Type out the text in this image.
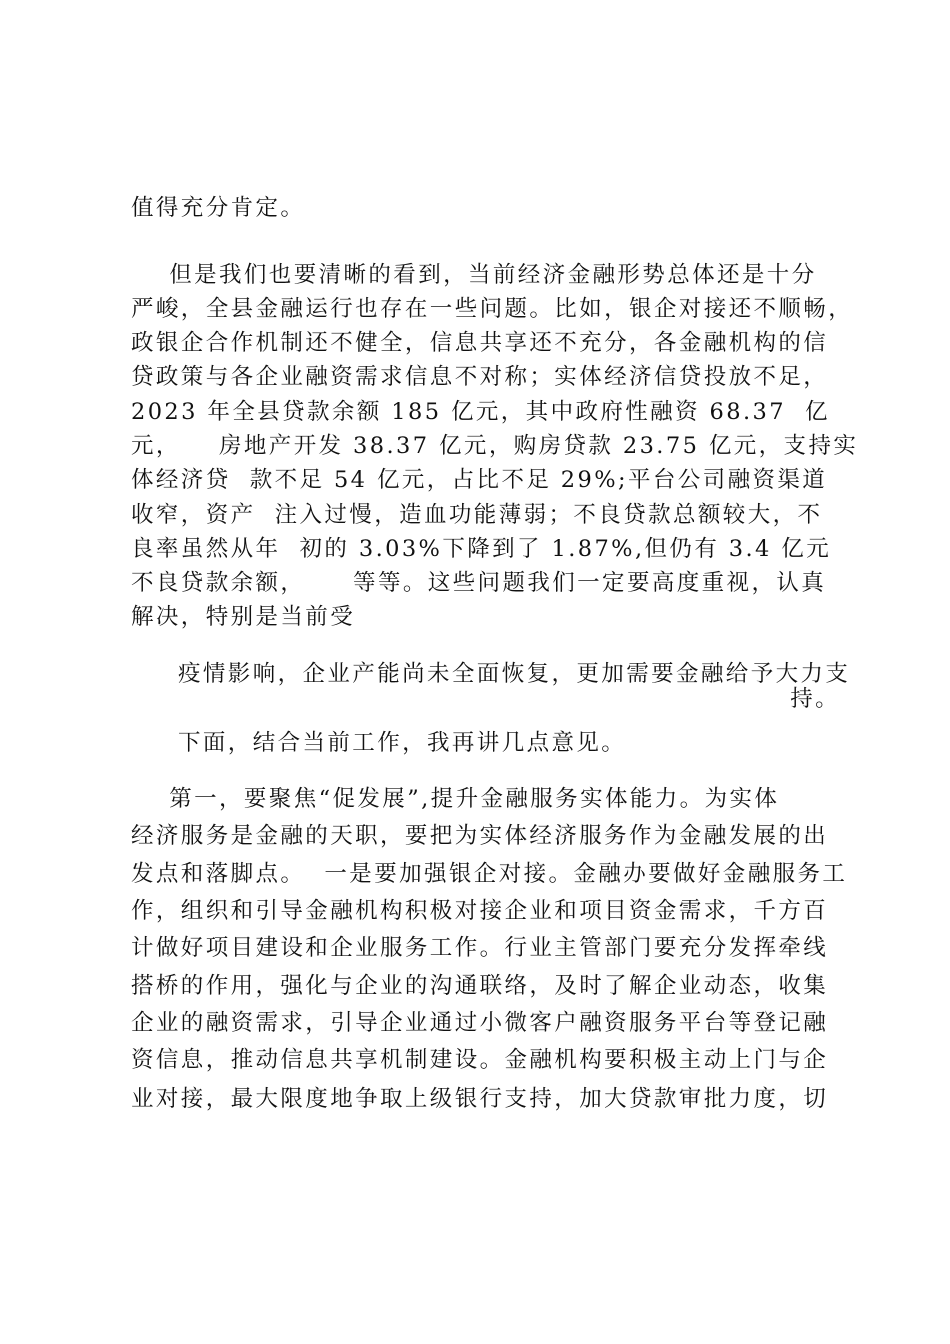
值得充分肯定。
但是我们也要清晰的看到，当前经济金融形势总体还是十分
严峻，全县金融运行也存在一些问题。比如，银企对接还不顺畅，
政银企合作机制还不健全，信息共享还不充分，各金融机构的信
贷政策与各企业融资需求信息不对称；实体经济信贷投放不足，
2023 年全县贷款余额 185 亿元，其中政府性融资 68.37  亿
元，    房地产开发 38.37 亿元，购房贷款 23.75 亿元，支持实
体经济贷  款不足 54 亿元，占比不足 29%;平台公司融资渠道
收窄，资产  注入过慢，造血功能薄弱；不良贷款总额较大，不
良率虽然从年  初的 3.03%下降到了 1.87%,但仍有 3.4 亿元
不良贷款余额，     等等。这些问题我们一定要高度重视，认真
解决，特别是当前受
疫情影响，企业产能尚未全面恢复，更加需要金融给予大力支
持。
下面，结合当前工作，我再讲几点意见。
第一，要聚焦“促发展”,提升金融服务实体能力。为实体
经济服务是金融的天职，要把为实体经济服务作为金融发展的出
发点和落脚点。  一是要加强银企对接。金融办要做好金融服务工
作，组织和引导金融机构积极对接企业和项目资金需求，千方百
计做好项目建设和企业服务工作。行业主管部门要充分发挥牵线
搭桥的作用，强化与企业的沟通联络，及时了解企业动态，收集
企业的融资需求，引导企业通过小微客户融资服务平台等登记融
资信息，推动信息共享机制建设。金融机构要积极主动上门与企
业对接，最大限度地争取上级银行支持，加大贷款审批力度，切
